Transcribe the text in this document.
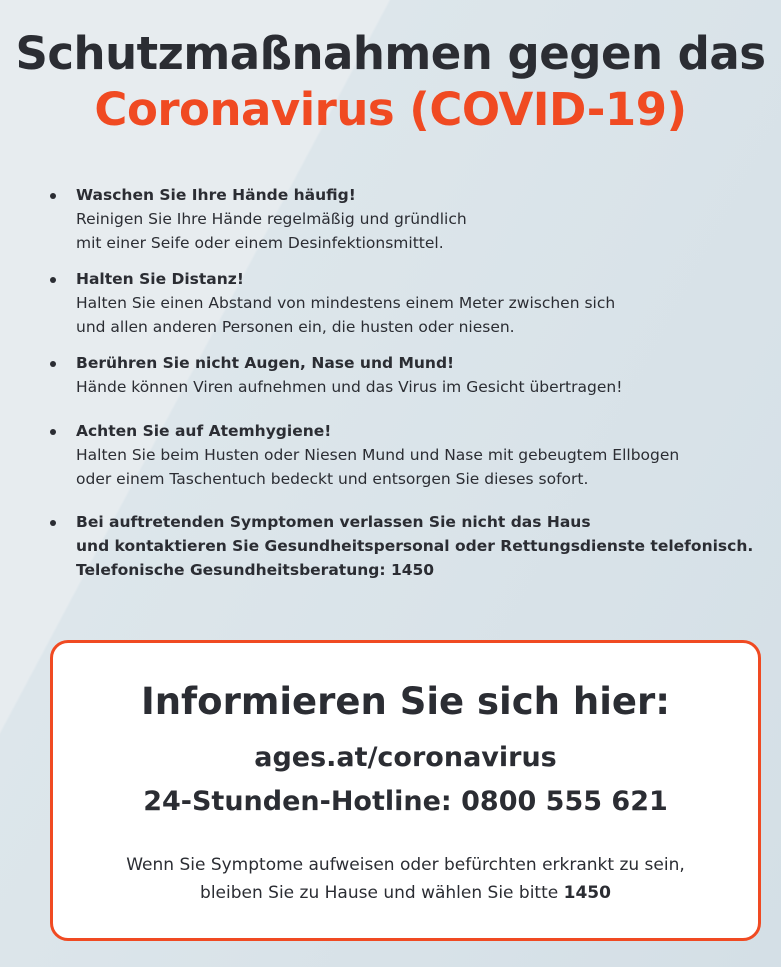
Schutzmaßnahmen gegen das
Coronavirus (COVID-19)
Waschen Sie Ihre Hände häufig!
Reinigen Sie Ihre Hände regelmäßig und gründlich
mit einer Seife oder einem Desinfektionsmittel.
Halten Sie Distanz!
Halten Sie einen Abstand von mindestens einem Meter zwischen sich
und allen anderen Personen ein, die husten oder niesen.
Berühren Sie nicht Augen, Nase und Mund!
Hände können Viren aufnehmen und das Virus im Gesicht übertragen!
Achten Sie auf Atemhygiene!
Halten Sie beim Husten oder Niesen Mund und Nase mit gebeugtem Ellbogen
oder einem Taschentuch bedeckt und entsorgen Sie dieses sofort.
Bei auftretenden Symptomen verlassen Sie nicht das Haus
und kontaktieren Sie Gesundheitspersonal oder Rettungsdienste telefonisch.
Telefonische Gesundheitsberatung: 1450
Informieren Sie sich hier:
ages.at/coronavirus
24-Stunden-Hotline: 0800 555 621
Wenn Sie Symptome aufweisen oder befürchten erkrankt zu sein,
bleiben Sie zu Hause und wählen Sie bitte 1450
